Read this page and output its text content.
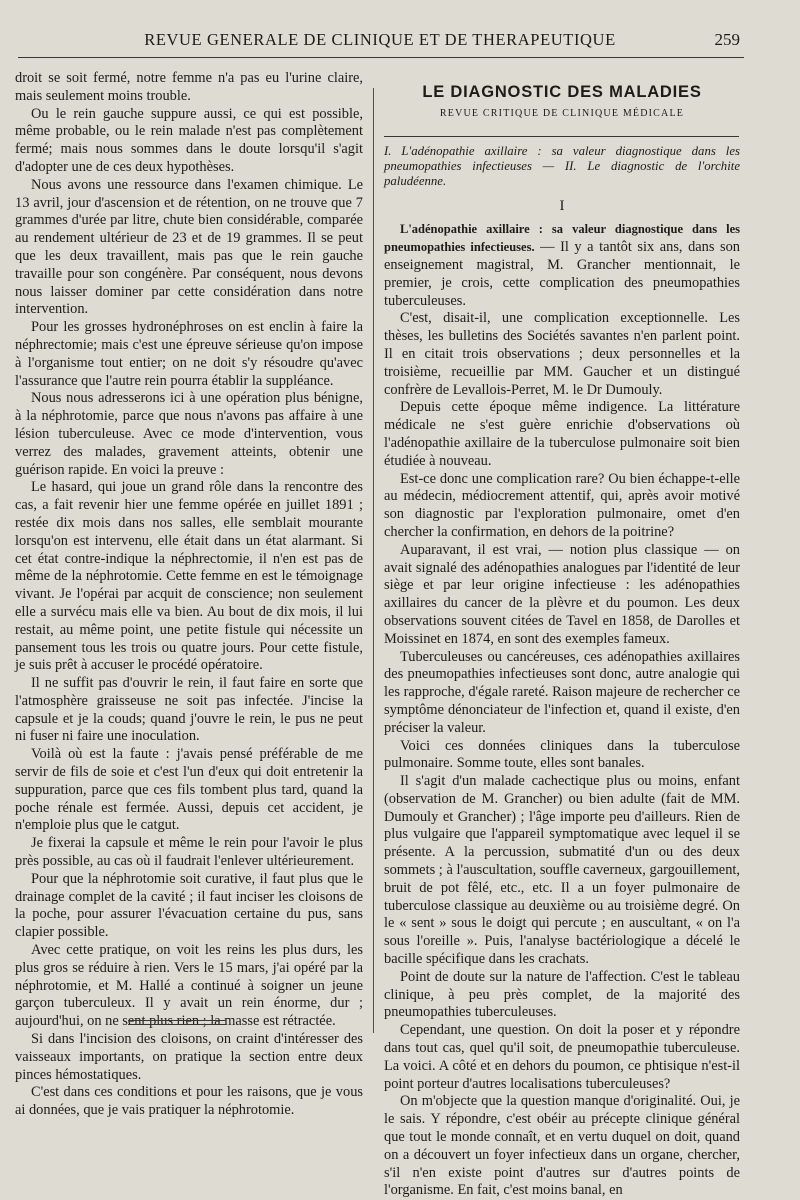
REVUE GENERALE DE CLINIQUE ET DE THERAPEUTIQUE	259

droit se soit fermé, notre femme n'a pas eu l'urine claire, mais seulement moins trouble.

Ou le rein gauche suppure aussi, ce qui est possible, même probable, ou le rein malade n'est pas complètement fermé; mais nous sommes dans le doute lorsqu'il s'agit d'adopter une de ces deux hypothèses.

Nous avons une ressource dans l'examen chimique. Le 13 avril, jour d'ascension et de rétention, on ne trouve que 7 grammes d'urée par litre, chute bien considérable, comparée au rendement ultérieur de 23 et de 19 grammes. Il se peut que les deux travaillent, mais pas que le rein gauche travaille pour son congénère. Par conséquent, nous devons nous laisser dominer par cette considération dans notre intervention.

Pour les grosses hydronéphroses on est enclin à faire la néphrectomie; mais c'est une épreuve sérieuse qu'on impose à l'organisme tout entier; on ne doit s'y résoudre qu'avec l'assurance que l'autre rein pourra établir la suppléance.

Nous nous adresserons ici à une opération plus bénigne, à la néphrotomie, parce que nous n'avons pas affaire à une lésion tuberculeuse. Avec ce mode d'intervention, vous verrez des malades, gravement atteints, obtenir une guérison rapide. En voici la preuve :

Le hasard, qui joue un grand rôle dans la rencontre des cas, a fait revenir hier une femme opérée en juillet 1891 ; restée dix mois dans nos salles, elle semblait mourante lorsqu'on est intervenu, elle était dans un état alarmant. Si cet état contre-indique la néphrectomie, il n'en est pas de même de la néphrotomie. Cette femme en est le témoignage vivant. Je l'opérai par acquit de conscience; non seulement elle a survécu mais elle va bien. Au bout de dix mois, il lui restait, au même point, une petite fistule qui nécessite un pansement tous les trois ou quatre jours. Pour cette fistule, je suis prêt à accuser le procédé opératoire.

Il ne suffit pas d'ouvrir le rein, il faut faire en sorte que l'atmosphère graisseuse ne soit pas infectée. J'incise la capsule et je la couds; quand j'ouvre le rein, le pus ne peut ni fuser ni faire une inoculation.

Voilà où est la faute : j'avais pensé préférable de me servir de fils de soie et c'est l'un d'eux qui doit entretenir la suppuration, parce que ces fils tombent plus tard, quand la poche rénale est fermée. Aussi, depuis cet accident, je n'emploie plus que le catgut.

Je fixerai la capsule et même le rein pour l'avoir le plus près possible, au cas où il faudrait l'enlever ultérieurement.

Pour que la néphrotomie soit curative, il faut plus que le drainage complet de la cavité ; il faut inciser les cloisons de la poche, pour assurer l'évacuation certaine du pus, sans clapier possible.

Avec cette pratique, on voit les reins les plus durs, les plus gros se réduire à rien. Vers le 15 mars, j'ai opéré par la néphrotomie, et M. Hallé a continué à soigner un jeune garçon tuberculeux. Il y avait un rein énorme, dur ; aujourd'hui, on ne sent plus rien ; la masse est rétractée.

Si dans l'incision des cloisons, on craint d'intéresser des vaisseaux importants, on pratique la section entre deux pinces hémostatiques.

C'est dans ces conditions et pour les raisons, que je vous ai données, que je vais pratiquer la néphrotomie.

LE DIAGNOSTIC DES MALADIES
REVUE CRITIQUE DE CLINIQUE MÉDICALE
I. L'adénopathie axillaire : sa valeur diagnostique dans les pneumopathies infectieuses — II. Le diagnostic de l'orchite paludéenne.
I

L'adénopathie axillaire : sa valeur diagnostique dans les pneumopathies infectieuses. — Il y a tantôt six ans, dans son enseignement magistral, M. Grancher mentionnait, le premier, je crois, cette complication des pneumopathies tuberculeuses.

C'est, disait-il, une complication exceptionnelle. Les thèses, les bulletins des Sociétés savantes n'en parlent point. Il en citait trois observations ; deux personnelles et la troisième, recueillie par MM. Gaucher et un distingué confrère de Levallois-Perret, M. le Dr Dumouly.

Depuis cette époque même indigence. La littérature médicale ne s'est guère enrichie d'observations où l'adénopathie axillaire de la tuberculose pulmonaire soit bien étudiée à nouveau.

Est-ce donc une complication rare? Ou bien échappe-t-elle au médecin, médiocrement attentif, qui, après avoir motivé son diagnostic par l'exploration pulmonaire, omet d'en chercher la confirmation, en dehors de la poitrine?

Auparavant, il est vrai, — notion plus classique — on avait signalé des adénopathies analogues par l'identité de leur siège et par leur origine infectieuse : les adénopathies axillaires du cancer de la plèvre et du poumon. Les deux observations souvent citées de Tavel en 1858, de Darolles et Moissinet en 1874, en sont des exemples fameux.

Tuberculeuses ou cancéreuses, ces adénopathies axillaires des pneumopathies infectieuses sont donc, autre analogie qui les rapproche, d'égale rareté. Raison majeure de rechercher ce symptôme dénonciateur de l'infection et, quand il existe, d'en préciser la valeur.

Voici ces données cliniques dans la tuberculose pulmonaire. Somme toute, elles sont banales.

Il s'agit d'un malade cachectique plus ou moins, enfant (observation de M. Grancher) ou bien adulte (fait de MM. Dumouly et Grancher) ; l'âge importe peu d'ailleurs. Rien de plus vulgaire que l'appareil symptomatique avec lequel il se présente. A la percussion, submatité d'un ou des deux sommets ; à l'auscultation, souffle caverneux, gargouillement, bruit de pot fêlé, etc., etc. Il a un foyer pulmonaire de tuberculose classique au deuxième ou au troisième degré. On le « sent » sous le doigt qui percute ; en auscultant, « on l'a sous l'oreille ». Puis, l'analyse bactériologique a décelé le bacille spécifique dans les crachats.

Point de doute sur la nature de l'affection. C'est le tableau clinique, à peu près complet, de la majorité des pneumopathies tuberculeuses.

Cependant, une question. On doit la poser et y répondre dans tout cas, quel qu'il soit, de pneumopathie tuberculeuse. La voici. A côté et en dehors du poumon, ce phtisique n'est-il point porteur d'autres localisations tuberculeuses?

On m'objecte que la question manque d'originalité. Oui, je le sais. Y répondre, c'est obéir au précepte clinique général que tout le monde connaît, et en vertu duquel on doit, quand on a découvert un foyer infectieux dans un organe, chercher, s'il n'en existe point d'autres sur d'autres points de l'organisme. En fait, c'est moins banal, en
